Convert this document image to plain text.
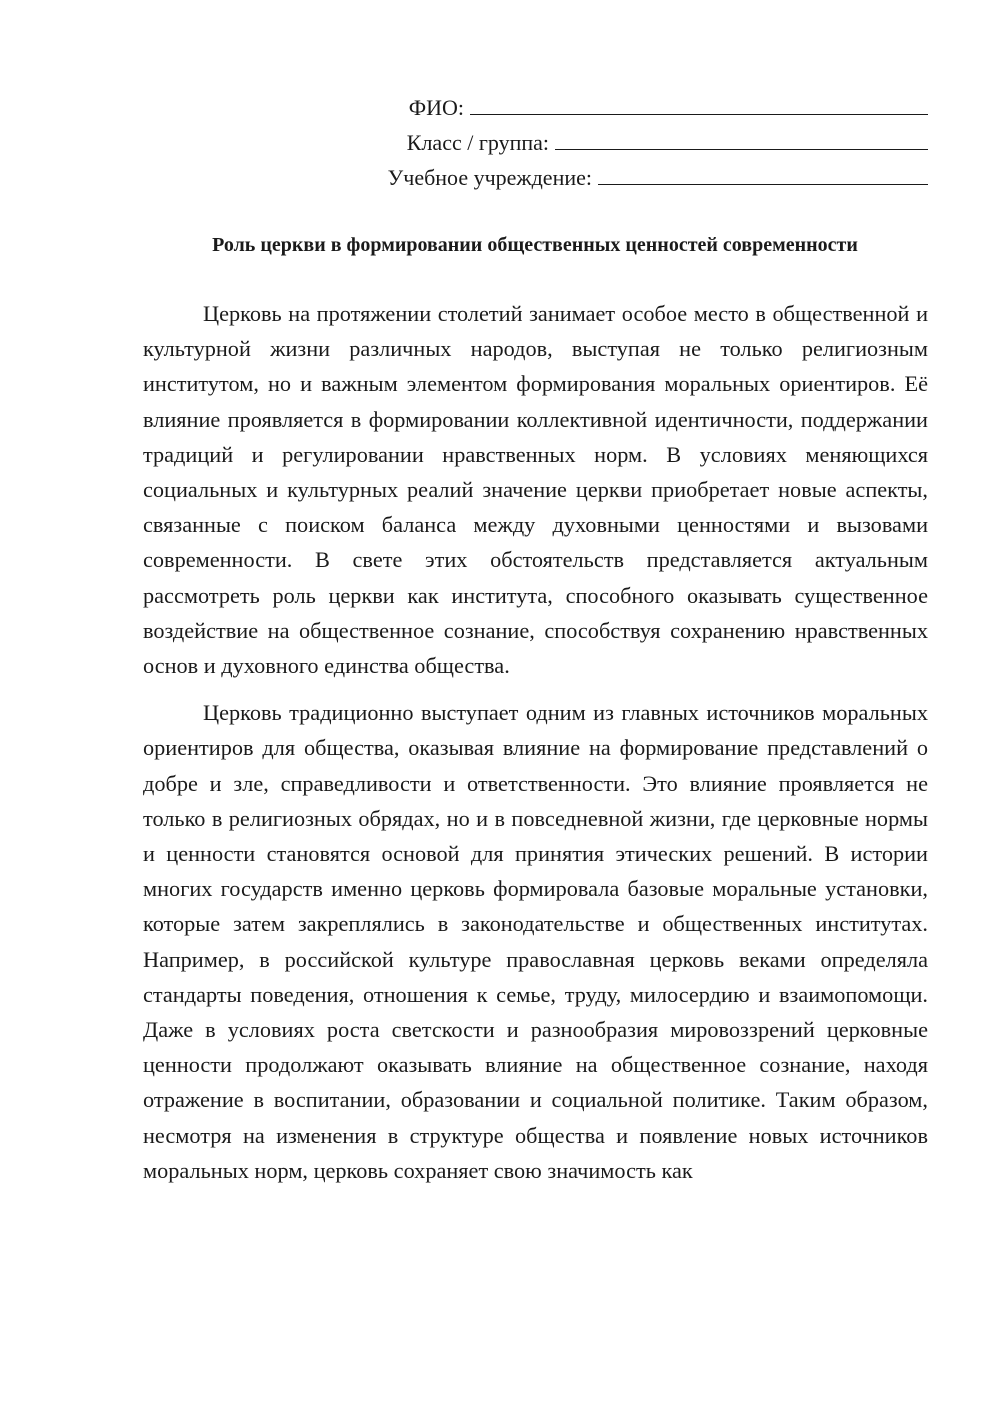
ФИО:
Класс / группа:
Учебное учреждение:
Роль церкви в формировании общественных ценностей современности

Церковь на протяжении столетий занимает особое место в общественной и культурной жизни различных народов, выступая не только религиозным институтом, но и важным элементом формирования моральных ориентиров. Её влияние проявляется в формировании коллективной идентичности, поддержании традиций и регулировании нравственных норм. В условиях меняющихся социальных и культурных реалий значение церкви приобретает новые аспекты, связанные с поиском баланса между духовными ценностями и вызовами современности. В свете этих обстоятельств представляется актуальным рассмотреть роль церкви как института, способного оказывать существенное воздействие на общественное сознание, способствуя сохранению нравственных основ и духовного единства общества.

Церковь традиционно выступает одним из главных источников моральных ориентиров для общества, оказывая влияние на формирование представлений о добре и зле, справедливости и ответственности. Это влияние проявляется не только в религиозных обрядах, но и в повседневной жизни, где церковные нормы и ценности становятся основой для принятия этических решений. В истории многих государств именно церковь формировала базовые моральные установки, которые затем закреплялись в законодательстве и общественных институтах. Например, в российской культуре православная церковь веками определяла стандарты поведения, отношения к семье, труду, милосердию и взаимопомощи. Даже в условиях роста светскости и разнообразия мировоззрений церковные ценности продолжают оказывать влияние на общественное сознание, находя отражение в воспитании, образовании и социальной политике. Таким образом, несмотря на изменения в структуре общества и появление новых источников моральных норм, церковь сохраняет свою значимость как
